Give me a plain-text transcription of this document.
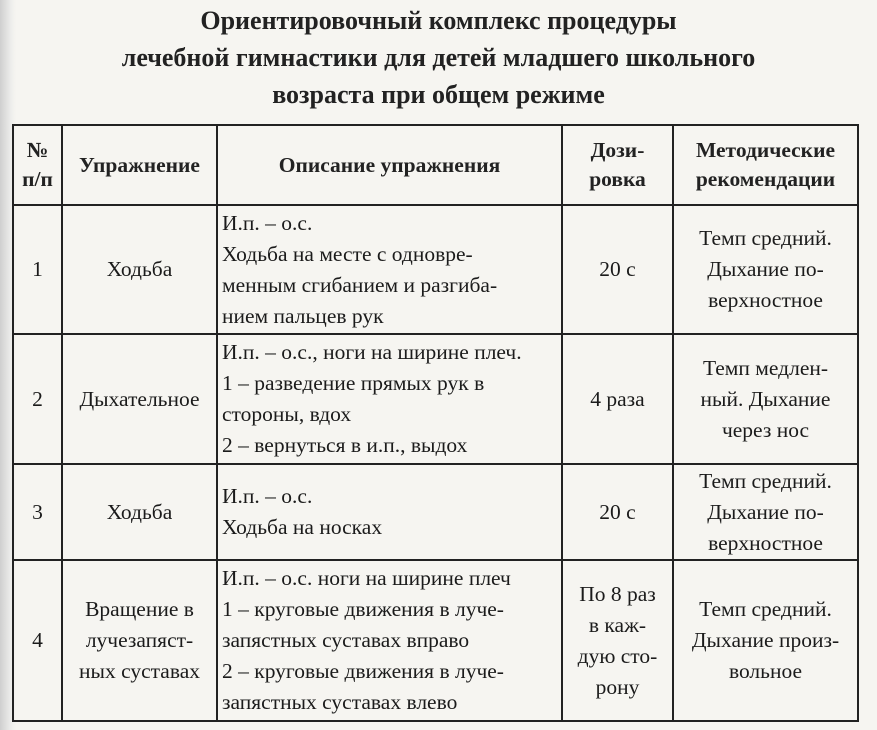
Ориентировочный комплекс процедуры
лечебной гимнастики для детей младшего школьного
возраста при общем режиме
№
п/п	Упражнение	Описание упражнения	Дози-
ровка	Методические
рекомендации

1	Ходьба	И.п. – о.с.
Ходьба на месте с одновре-
менным сгибанием и разгиба-
нием пальцев рук	20 с	Темп средний.
Дыхание по-
верхностное

2	Дыхательное	И.п. – о.с., ноги на ширине плеч.
1 – разведение прямых рук в
стороны, вдох
2 – вернуться в и.п., выдох	4 раза	Темп медлен-
ный. Дыхание
через нос

3	Ходьба	И.п. – о.с.
Ходьба на носках	20 с	Темп средний.
Дыхание по-
верхностное

4	Вращение в
лучезапяст-
ных суставах	И.п. – о.с. ноги на ширине плеч
1 – круговые движения в луче-
запястных суставах вправо
2 – круговые движения в луче-
запястных суставах влево	По 8 раз
в каж-
дую сто-
рону	Темп средний.
Дыхание произ-
вольное
